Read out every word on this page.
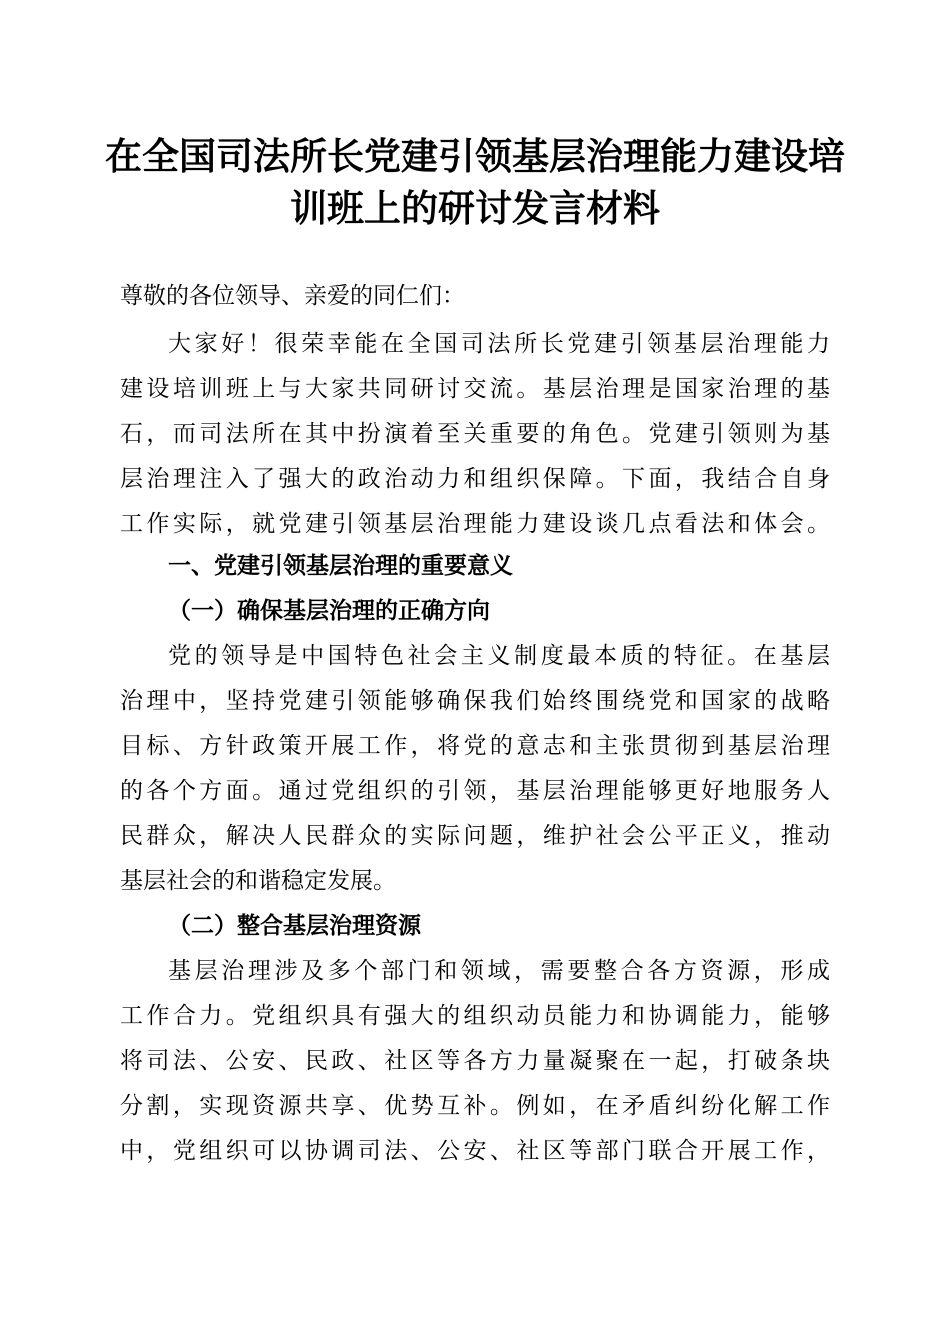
在全国司法所长党建引领基层治理能力建设培
训班上的研讨发言材料
尊敬的各位领导、亲爱的同仁们：
大家好！很荣幸能在全国司法所长党建引领基层治理能力
建设培训班上与大家共同研讨交流。基层治理是国家治理的基
石，而司法所在其中扮演着至关重要的角色。党建引领则为基
层治理注入了强大的政治动力和组织保障。下面，我结合自身
工作实际，就党建引领基层治理能力建设谈几点看法和体会。
一、党建引领基层治理的重要意义
（一）确保基层治理的正确方向
党的领导是中国特色社会主义制度最本质的特征。在基层
治理中，坚持党建引领能够确保我们始终围绕党和国家的战略
目标、方针政策开展工作，将党的意志和主张贯彻到基层治理
的各个方面。通过党组织的引领，基层治理能够更好地服务人
民群众，解决人民群众的实际问题，维护社会公平正义，推动
基层社会的和谐稳定发展。
（二）整合基层治理资源
基层治理涉及多个部门和领域，需要整合各方资源，形成
工作合力。党组织具有强大的组织动员能力和协调能力，能够
将司法、公安、民政、社区等各方力量凝聚在一起，打破条块
分割，实现资源共享、优势互补。例如，在矛盾纠纷化解工作
中，党组织可以协调司法、公安、社区等部门联合开展工作，
